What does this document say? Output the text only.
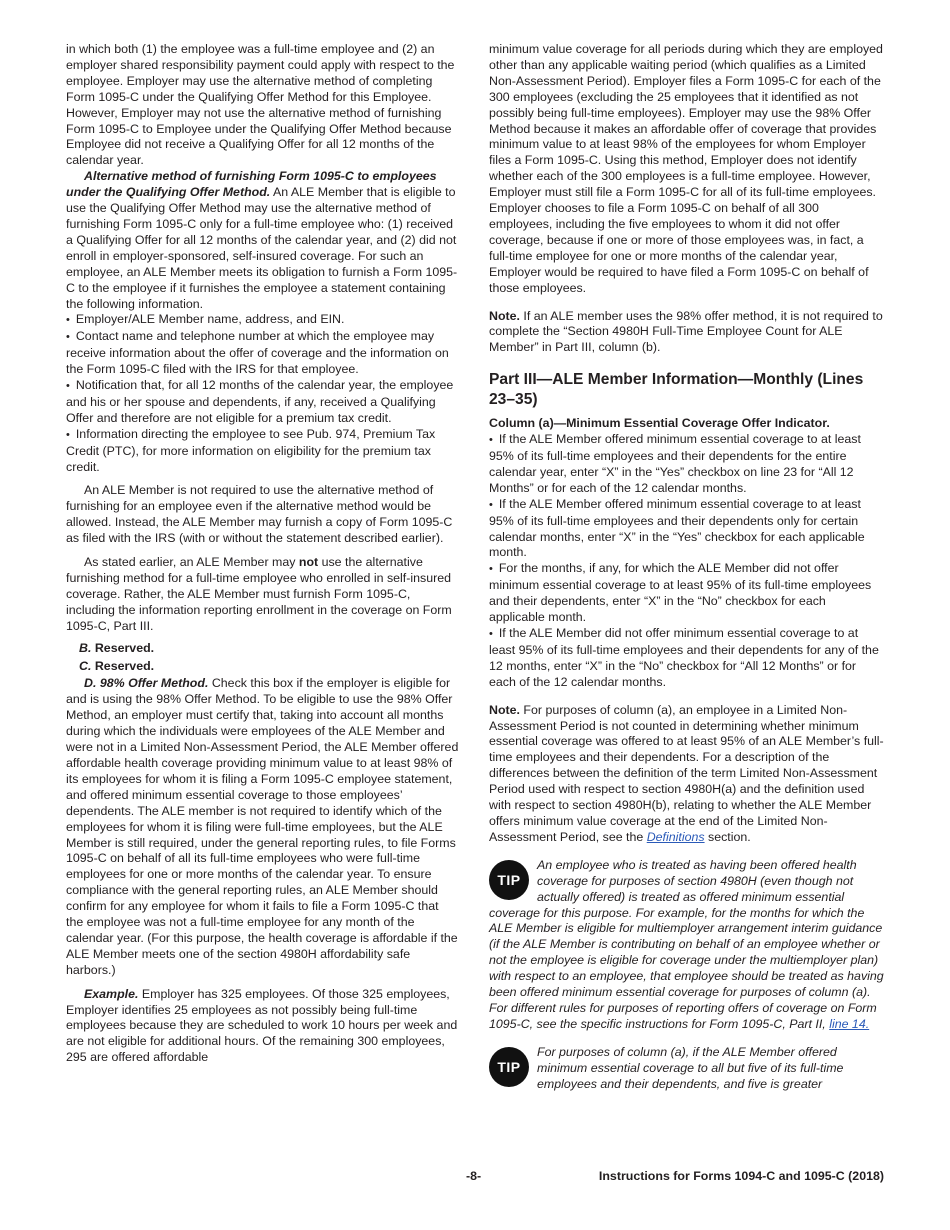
in which both (1) the employee was a full-time employee and (2) an employer shared responsibility payment could apply with respect to the employee. Employer may use the alternative method of completing Form 1095-C under the Qualifying Offer Method for this Employee. However, Employer may not use the alternative method of furnishing Form 1095-C to Employee under the Qualifying Offer Method because Employee did not receive a Qualifying Offer for all 12 months of the calendar year.

Alternative method of furnishing Form 1095-C to employees under the Qualifying Offer Method. An ALE Member that is eligible to use the Qualifying Offer Method may use the alternative method of furnishing Form 1095-C only for a full-time employee who: (1) received a Qualifying Offer for all 12 months of the calendar year, and (2) did not enroll in employer-sponsored, self-insured coverage. For such an employee, an ALE Member meets its obligation to furnish a Form 1095-C to the employee if it furnishes the employee a statement containing the following information.

• Employer/ALE Member name, address, and EIN.

• Contact name and telephone number at which the employee may receive information about the offer of coverage and the information on the Form 1095-C filed with the IRS for that employee.

• Notification that, for all 12 months of the calendar year, the employee and his or her spouse and dependents, if any, received a Qualifying Offer and therefore are not eligible for a premium tax credit.

• Information directing the employee to see Pub. 974, Premium Tax Credit (PTC), for more information on eligibility for the premium tax credit.

An ALE Member is not required to use the alternative method of furnishing for an employee even if the alternative method would be allowed. Instead, the ALE Member may furnish a copy of Form 1095-C as filed with the IRS (with or without the statement described earlier).

As stated earlier, an ALE Member may not use the alternative furnishing method for a full-time employee who enrolled in self-insured coverage. Rather, the ALE Member must furnish Form 1095-C, including the information reporting enrollment in the coverage on Form 1095-C, Part III.

B. Reserved.

C. Reserved.

D. 98% Offer Method. Check this box if the employer is eligible for and is using the 98% Offer Method. To be eligible to use the 98% Offer Method, an employer must certify that, taking into account all months during which the individuals were employees of the ALE Member and were not in a Limited Non-Assessment Period, the ALE Member offered affordable health coverage providing minimum value to at least 98% of its employees for whom it is filing a Form 1095-C employee statement, and offered minimum essential coverage to those employees’ dependents. The ALE member is not required to identify which of the employees for whom it is filing were full-time employees, but the ALE Member is still required, under the general reporting rules, to file Forms 1095-C on behalf of all its full-time employees who were full-time employees for one or more months of the calendar year. To ensure compliance with the general reporting rules, an ALE Member should confirm for any employee for whom it fails to file a Form 1095-C that the employee was not a full-time employee for any month of the calendar year. (For this purpose, the health coverage is affordable if the ALE Member meets one of the section 4980H affordability safe harbors.)

Example. Employer has 325 employees. Of those 325 employees, Employer identifies 25 employees as not possibly being full-time employees because they are scheduled to work 10 hours per week and are not eligible for additional hours. Of the remaining 300 employees, 295 are offered affordable

minimum value coverage for all periods during which they are employed other than any applicable waiting period (which qualifies as a Limited Non-Assessment Period). Employer files a Form 1095-C for each of the 300 employees (excluding the 25 employees that it identified as not possibly being full-time employees). Employer may use the 98% Offer Method because it makes an affordable offer of coverage that provides minimum value to at least 98% of the employees for whom Employer files a Form 1095-C. Using this method, Employer does not identify whether each of the 300 employees is a full-time employee. However, Employer must still file a Form 1095-C for all of its full-time employees. Employer chooses to file a Form 1095-C on behalf of all 300 employees, including the five employees to whom it did not offer coverage, because if one or more of those employees was, in fact, a full-time employee for one or more months of the calendar year, Employer would be required to have filed a Form 1095-C on behalf of those employees.

Note. If an ALE member uses the 98% offer method, it is not required to complete the “Section 4980H Full-Time Employee Count for ALE Member” in Part III, column (b).

Part III—ALE Member Information—Monthly (Lines 23–35)

Column (a)—Minimum Essential Coverage Offer Indicator.

• If the ALE Member offered minimum essential coverage to at least 95% of its full-time employees and their dependents for the entire calendar year, enter “X” in the “Yes” checkbox on line 23 for “All 12 Months” or for each of the 12 calendar months.

• If the ALE Member offered minimum essential coverage to at least 95% of its full-time employees and their dependents only for certain calendar months, enter “X” in the “Yes” checkbox for each applicable month.

• For the months, if any, for which the ALE Member did not offer minimum essential coverage to at least 95% of its full-time employees and their dependents, enter “X” in the “No” checkbox for each applicable month.

• If the ALE Member did not offer minimum essential coverage to at least 95% of its full-time employees and their dependents for any of the 12 months, enter “X” in the “No” checkbox for “All 12 Months” or for each of the 12 calendar months.

Note. For purposes of column (a), an employee in a Limited Non-Assessment Period is not counted in determining whether minimum essential coverage was offered to at least 95% of an ALE Member’s full-time employees and their dependents. For a description of the differences between the definition of the term Limited Non-Assessment Period used with respect to section 4980H(a) and the definition used with respect to section 4980H(b), relating to whether the ALE Member offers minimum value coverage at the end of the Limited Non-Assessment Period, see the Definitions section.

TIP
An employee who is treated as having been offered health coverage for purposes of section 4980H (even though not actually offered) is treated as offered minimum essential coverage for this purpose. For example, for the months for which the ALE Member is eligible for multiemployer arrangement interim guidance (if the ALE Member is contributing on behalf of an employee whether or not the employee is eligible for coverage under the multiemployer plan) with respect to an employee, that employee should be treated as having been offered minimum essential coverage for purposes of column (a). For different rules for purposes of reporting offers of coverage on Form 1095-C, see the specific instructions for Form 1095-C, Part II, line 14.
TIP
For purposes of column (a), if the ALE Member offered minimum essential coverage to all but five of its full-time employees and their dependents, and five is greater
-8-	Instructions for Forms 1094-C and 1095-C (2018)
